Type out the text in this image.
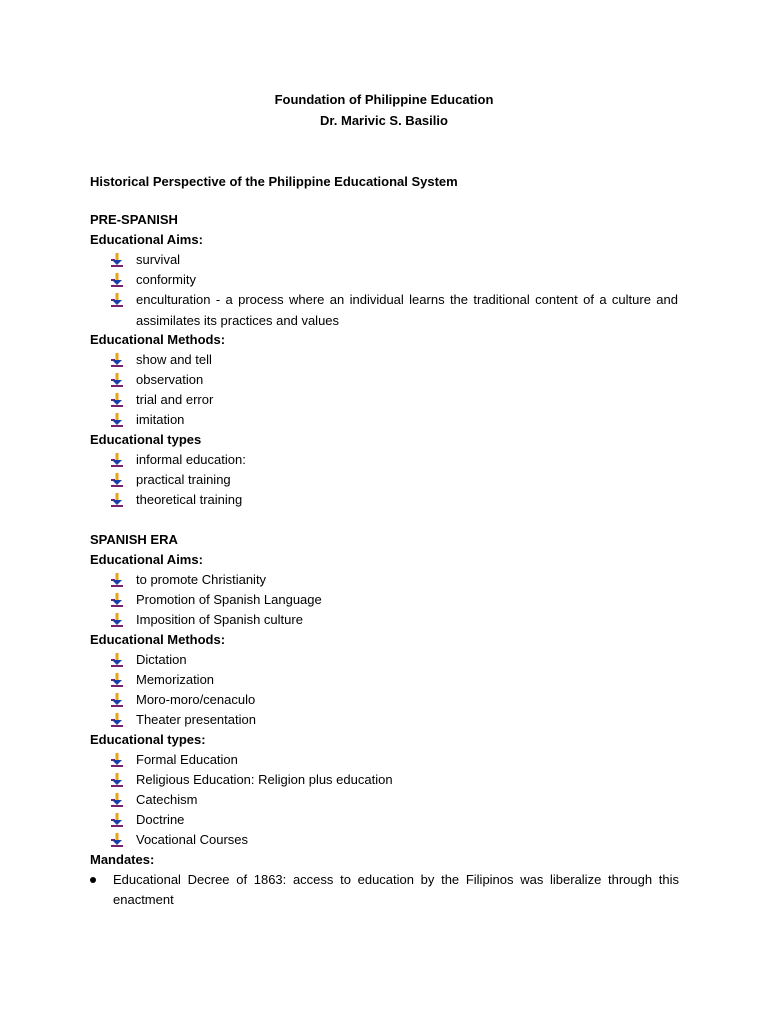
Foundation of Philippine Education
Dr. Marivic S. Basilio
Historical Perspective of the Philippine Educational System
PRE-SPANISH
Educational Aims:
survival
conformity
enculturation - a process where an individual learns the traditional content of a culture and
assimilates its practices and values
Educational Methods:
show and tell
observation
trial and error
imitation
Educational types
informal education:
practical training
theoretical training
SPANISH ERA
Educational Aims:
to promote Christianity
Promotion of Spanish Language
Imposition of Spanish culture
Educational Methods:
Dictation
Memorization
Moro-moro/cenaculo
Theater presentation
Educational types:
Formal Education
Religious Education: Religion plus education
Catechism
Doctrine
Vocational Courses
Mandates:
Educational Decree of 1863: access to education by the Filipinos was liberalize through this
enactment
